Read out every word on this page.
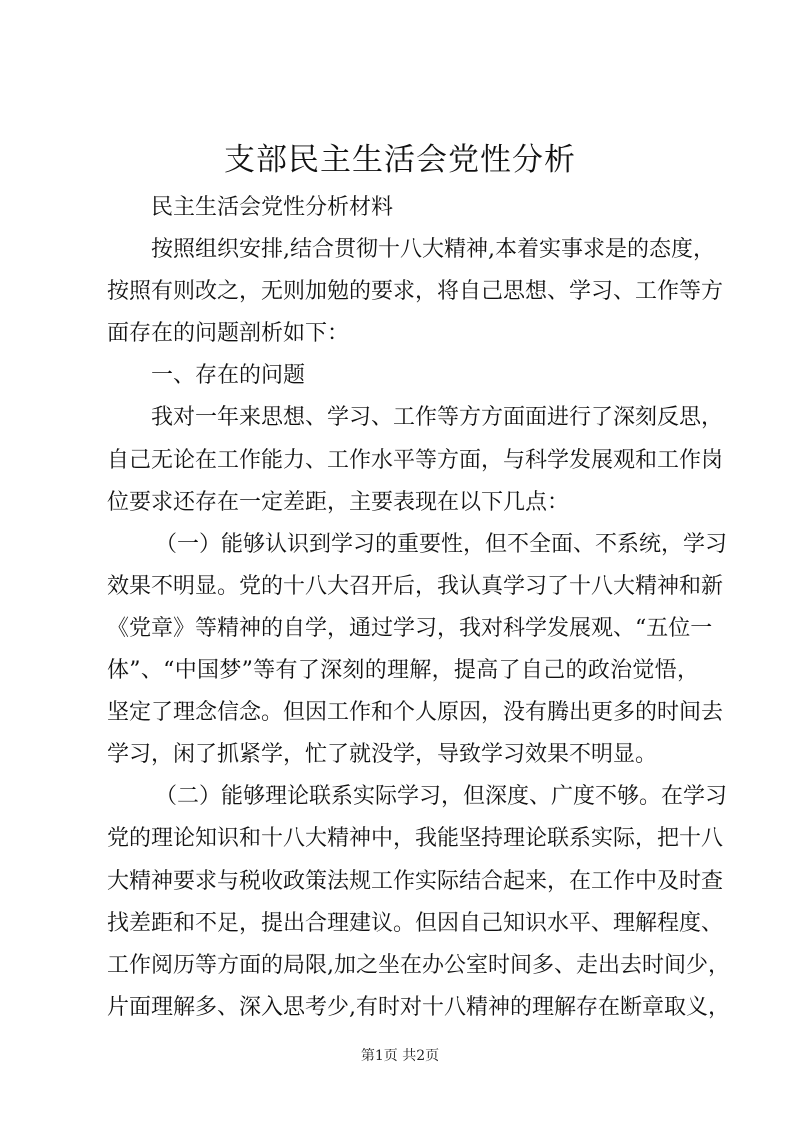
支部民主生活会党性分析
民主生活会党性分析材料
按照组织安排,结合贯彻十八大精神,本着实事求是的态度，
按照有则改之，无则加勉的要求，将自己思想、学习、工作等方
面存在的问题剖析如下：
一、存在的问题
我对一年来思想、学习、工作等方方面面进行了深刻反思，
自己无论在工作能力、工作水平等方面，与科学发展观和工作岗
位要求还存在一定差距，主要表现在以下几点：
（一）能够认识到学习的重要性，但不全面、不系统，学习
效果不明显。党的十八大召开后，我认真学习了十八大精神和新
《党章》等精神的自学，通过学习，我对科学发展观、“五位一
体”、“中国梦”等有了深刻的理解，提高了自己的政治觉悟，
坚定了理念信念。但因工作和个人原因，没有腾出更多的时间去
学习，闲了抓紧学，忙了就没学，导致学习效果不明显。
（二）能够理论联系实际学习，但深度、广度不够。在学习
党的理论知识和十八大精神中，我能坚持理论联系实际，把十八
大精神要求与税收政策法规工作实际结合起来，在工作中及时查
找差距和不足，提出合理建议。但因自己知识水平、理解程度、
工作阅历等方面的局限,加之坐在办公室时间多、走出去时间少，
片面理解多、深入思考少,有时对十八精神的理解存在断章取义，
第1页 共2页
